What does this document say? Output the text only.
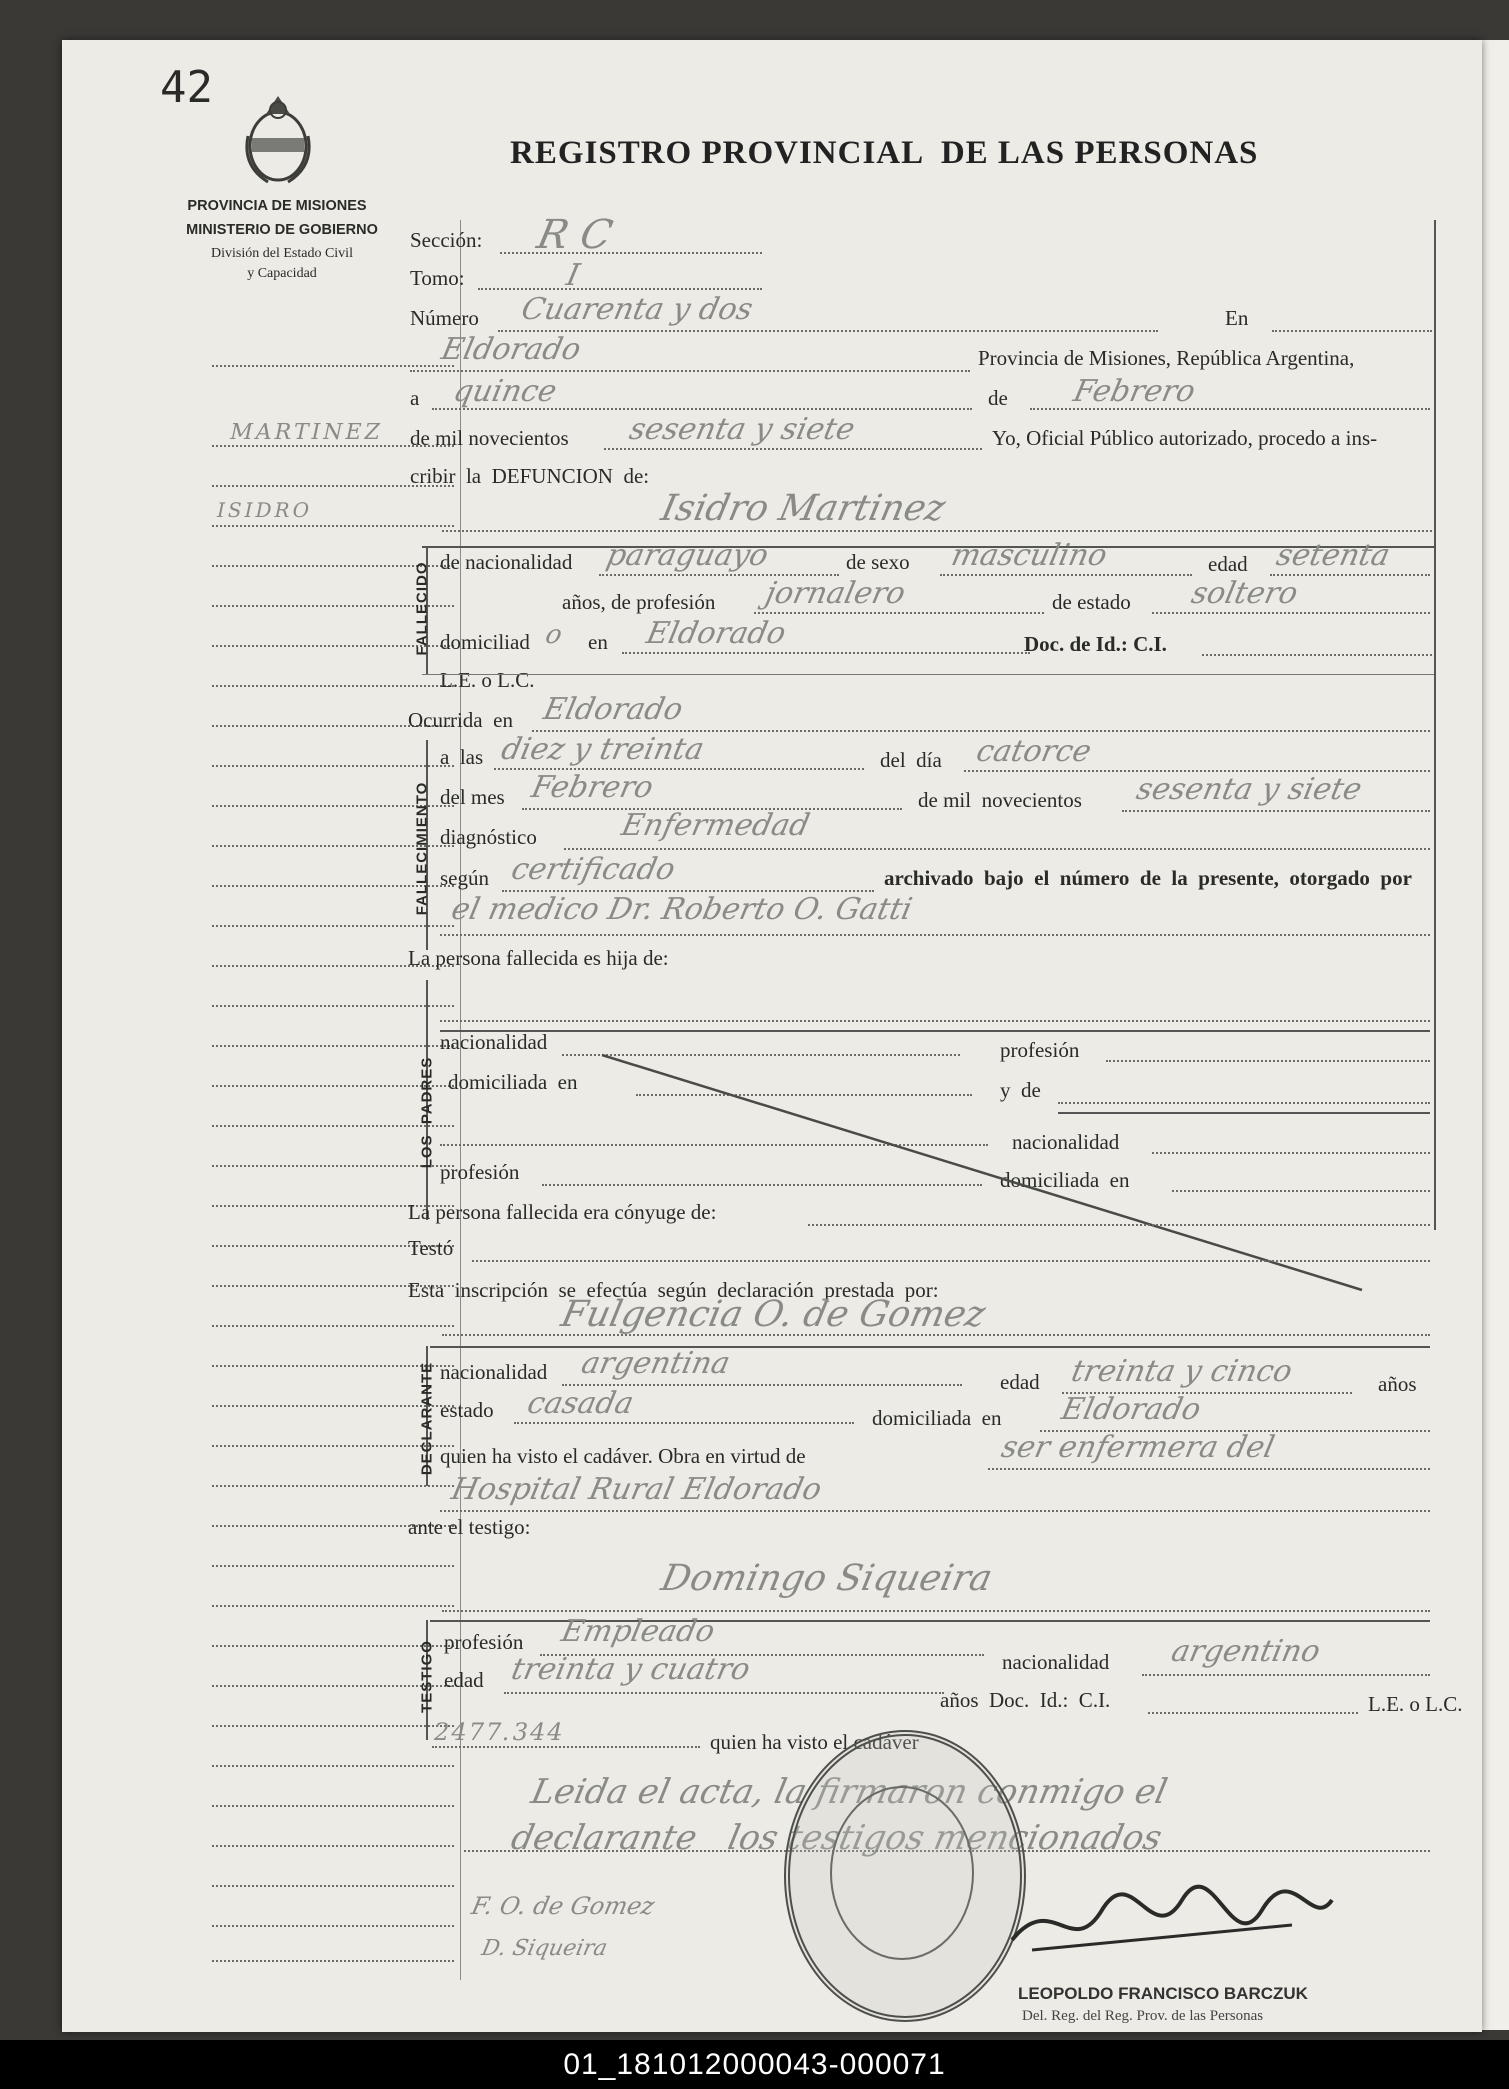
42
REGISTRO PROVINCIAL  DE LAS PERSONAS
PROVINCIA DE MISIONES
MINISTERIO DE GOBIERNO
División del Estado Civil
y Capacidad
MARTINEZ
ISIDRO
Sección: R C
Tomo:	I
Número Cuarenta y dos	En
Eldorado	Provincia de Misiones, República Argentina,
a quince	de Febrero
de mil novecientos sesenta y siete	Yo, Oficial Público autorizado, procedo a ins-
cribir  la  DEFUNCION  de:
Isidro Martinez
FALLECIDO de nacionalidad paraguayo	de sexo masculino	edad setenta
años, de profesión jornalero	de estado soltero
domiciliad o en Eldorado	Doc. de Id.: C.I.
L.E. o L.C.
Ocurrida  en Eldorado
FALLECIMIENTO
a  las diez y treinta	del  día catorce
del mes Febrero	de mil  novecientos sesenta y siete
diagnóstico	Enfermedad
según certificado	archivado  bajo  el  número  de  la  presente,  otorgado  por
el medico Dr. Roberto O. Gatti
La persona fallecida es hija de:
LOS  PADRES
nacionalidad	profesión
domiciliada  en	y  de
nacionalidad
profesión	domiciliada  en
La persona fallecida era cónyuge de:
Testó
Esta  inscripción  se  efectúa  según  declaración  prestada  por:
Fulgencia O. de Gomez
DECLARANTE nacionalidad argentina
edad treinta y cinco	años
estado casada	domiciliada  en Eldorado
quien ha visto el cadáver. Obra en virtud de	ser enfermera del
Hospital Rural Eldorado
ante el testigo:
Domingo Siqueira
TESTIGO profesión Empleado
nacionalidad argentino
edad treinta y cuatro
años  Doc.  Id.:  C.I.	L.E. o L.C.
2477.344	quien ha visto el cadáver
Leida el acta, la firmaron conmigo el
declarante   los testigos mencionados
F. O. de Gomez
D. Siqueira
LEOPOLDO FRANCISCO BARCZUK
Del. Reg. del Reg. Prov. de las Personas
01_181012000043-000071
